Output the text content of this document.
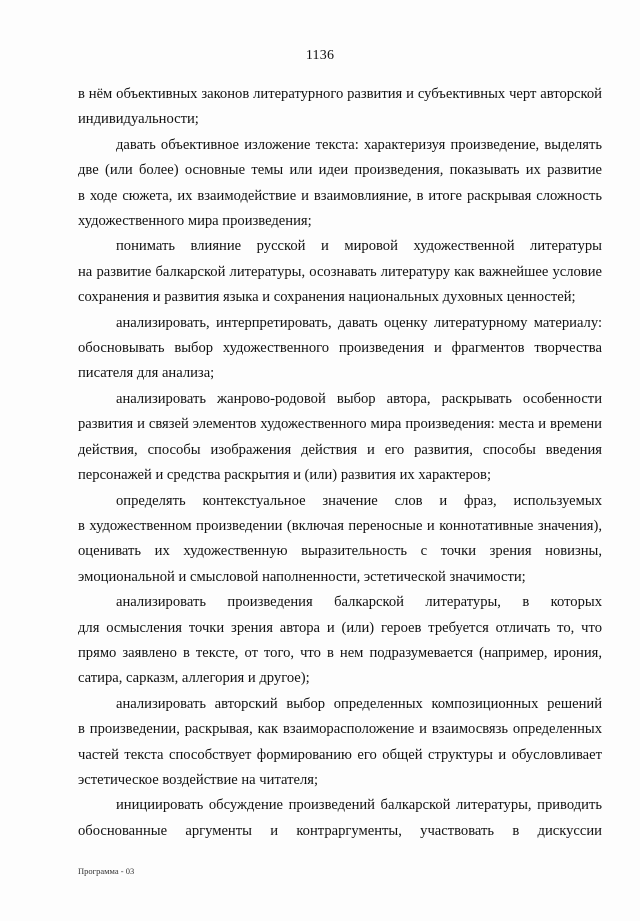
1136
в нём объективных законов литературного развития и субъективных черт авторской
индивидуальности;
давать объективное изложение текста: характеризуя произведение, выделять
две (или более) основные темы или идеи произведения, показывать их развитие
в ходе сюжета, их взаимодействие и взаимовлияние, в итоге раскрывая сложность
художественного мира произведения;
понимать влияние русской и мировой художественной литературы
на развитие балкарской литературы, осознавать литературу как важнейшее условие
сохранения и развития языка и сохранения национальных духовных ценностей;
анализировать, интерпретировать, давать оценку литературному материалу:
обосновывать выбор художественного произведения и фрагментов творчества
писателя для анализа;
анализировать жанрово-родовой выбор автора, раскрывать особенности
развития и связей элементов художественного мира произведения: места и времени
действия, способы изображения действия и его развития, способы введения
персонажей и средства раскрытия и (или) развития их характеров;
определять контекстуальное значение слов и фраз, используемых
в художественном произведении (включая переносные и коннотативные значения),
оценивать их художественную выразительность с точки зрения новизны,
эмоциональной и смысловой наполненности, эстетической значимости;
анализировать произведения балкарской литературы, в которых
для осмысления точки зрения автора и (или) героев требуется отличать то, что
прямо заявлено в тексте, от того, что в нем подразумевается (например, ирония,
сатира, сарказм, аллегория и другое);
анализировать авторский выбор определенных композиционных решений
в произведении, раскрывая, как взаиморасположение и взаимосвязь определенных
частей текста способствует формированию его общей структуры и обусловливает
эстетическое воздействие на читателя;
инициировать обсуждение произведений балкарской литературы, приводить
обоснованные аргументы и контраргументы, участвовать в дискуссии
Программа - 03
